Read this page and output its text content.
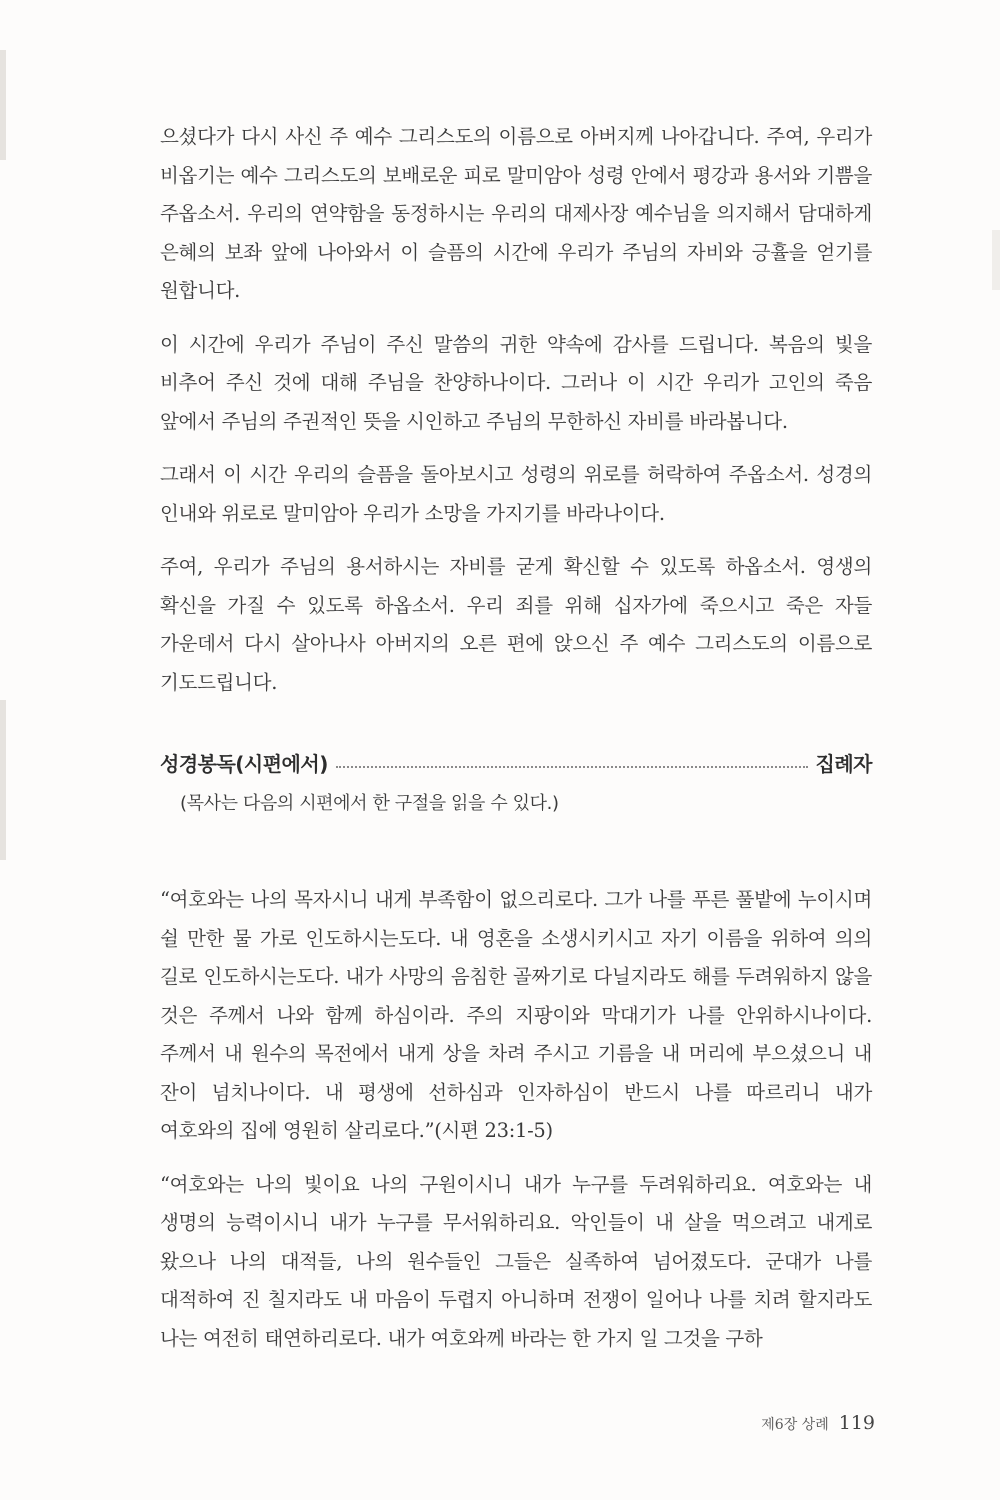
으셨다가 다시 사신 주 예수 그리스도의 이름으로 아버지께 나아갑니다. 주여, 우리가 비옵기는 예수 그리스도의 보배로운 피로 말미암아 성령 안에서 평강과 용서와 기쁨을 주옵소서. 우리의 연약함을 동정하시는 우리의 대제사장 예수님을 의지해서 담대하게 은혜의 보좌 앞에 나아와서 이 슬픔의 시간에 우리가 주님의 자비와 긍휼을 얻기를 원합니다.

이 시간에 우리가 주님이 주신 말씀의 귀한 약속에 감사를 드립니다. 복음의 빛을 비추어 주신 것에 대해 주님을 찬양하나이다. 그러나 이 시간 우리가 고인의 죽음 앞에서 주님의 주권적인 뜻을 시인하고 주님의 무한하신 자비를 바라봅니다.

그래서 이 시간 우리의 슬픔을 돌아보시고 성령의 위로를 허락하여 주옵소서. 성경의 인내와 위로로 말미암아 우리가 소망을 가지기를 바라나이다.

주여, 우리가 주님의 용서하시는 자비를 굳게 확신할 수 있도록 하옵소서. 영생의 확신을 가질 수 있도록 하옵소서. 우리 죄를 위해 십자가에 죽으시고 죽은 자들 가운데서 다시 살아나사 아버지의 오른 편에 앉으신 주 예수 그리스도의 이름으로 기도드립니다.

성경봉독(시편에서)	집례자
(목사는 다음의 시편에서 한 구절을 읽을 수 있다.)

“여호와는 나의 목자시니 내게 부족함이 없으리로다. 그가 나를 푸른 풀밭에 누이시며 쉴 만한 물 가로 인도하시는도다. 내 영혼을 소생시키시고 자기 이름을 위하여 의의 길로 인도하시는도다. 내가 사망의 음침한 골짜기로 다닐지라도 해를 두려워하지 않을 것은 주께서 나와 함께 하심이라. 주의 지팡이와 막대기가 나를 안위하시나이다. 주께서 내 원수의 목전에서 내게 상을 차려 주시고 기름을 내 머리에 부으셨으니 내 잔이 넘치나이다. 내 평생에 선하심과 인자하심이 반드시 나를 따르리니 내가 여호와의 집에 영원히 살리로다.”(시편 23:1-5)

“여호와는 나의 빛이요 나의 구원이시니 내가 누구를 두려워하리요. 여호와는 내 생명의 능력이시니 내가 누구를 무서워하리요. 악인들이 내 살을 먹으려고 내게로 왔으나 나의 대적들, 나의 원수들인 그들은 실족하여 넘어졌도다. 군대가 나를 대적하여 진 칠지라도 내 마음이 두렵지 아니하며 전쟁이 일어나 나를 치려 할지라도 나는 여전히 태연하리로다. 내가 여호와께 바라는 한 가지 일 그것을 구하

제6장 상례 119
